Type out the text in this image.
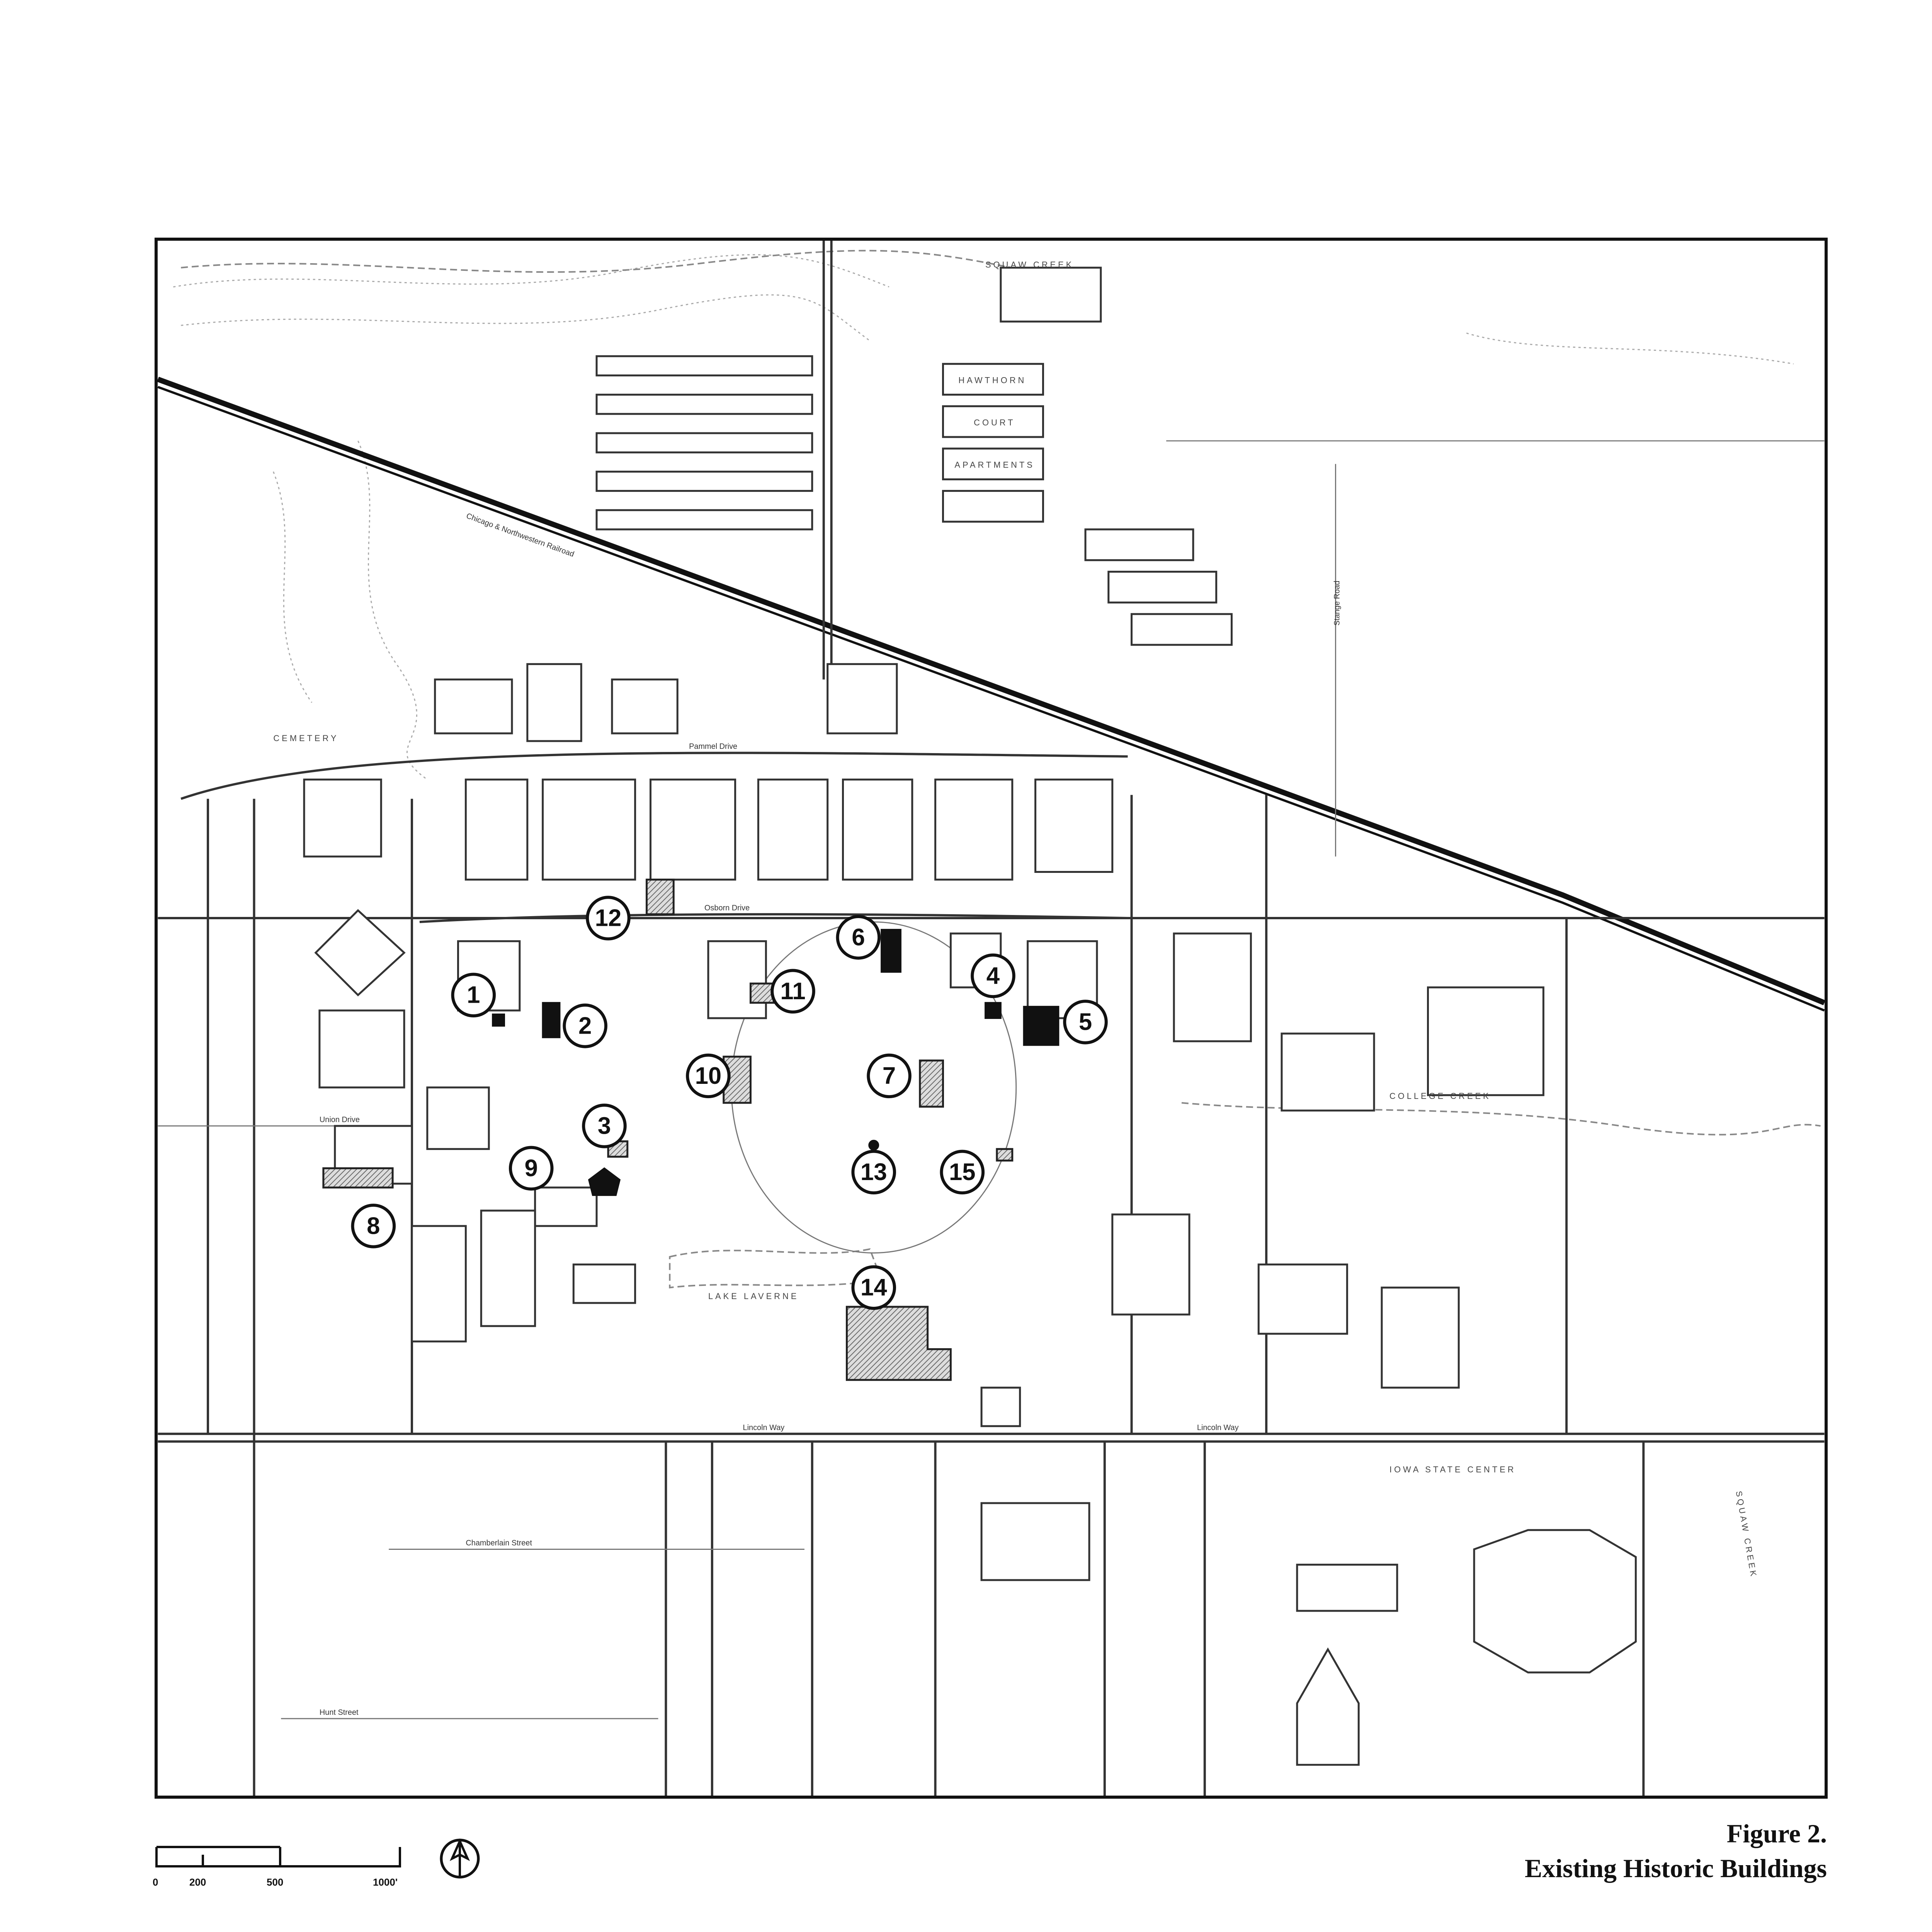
SQUAW CREEK
HAWTHORN
COURT
APARTMENTS
CEMETERY
LAKE LAVERNE
COLLEGE CREEK
IOWA STATE CENTER
SQUAW CREEK
Lincoln Way	Lincoln Way
Chamberlain Street
Hunt Street
Osborn Drive
Union Drive
Pammel Drive
Stange Road
Chicago & Northwestern Railroad
1
2
3
4
5
6
7
8
9
10
11
12
13
14
15
0	200	500	1000'
Figure 2.
Existing Historic Buildings
